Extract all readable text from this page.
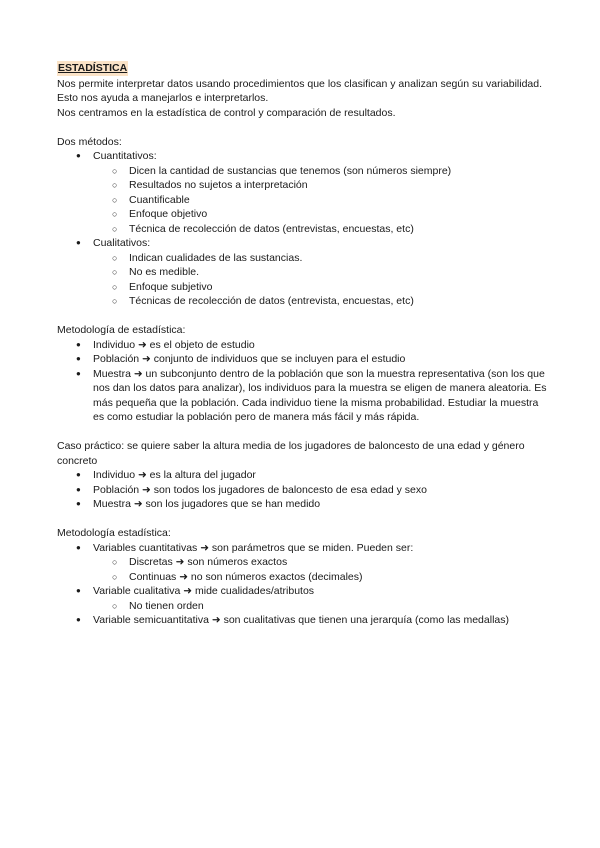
ESTADÍSTICA

Nos permite interpretar datos usando procedimientos que los clasifican y analizan según su variabilidad. Esto nos ayuda a manejarlos e interpretarlos.

Nos centramos en la estadística de control y comparación de resultados.

Dos métodos:

● Cuantitativos:
○ Dicen la cantidad de sustancias que tenemos (son números siempre)
○ Resultados no sujetos a interpretación
○ Cuantificable
○ Enfoque objetivo
○ Técnica de recolección de datos (entrevistas, encuestas, etc)
● Cualitativos:
○ Indican cualidades de las sustancias.
○ No es medible.
○ Enfoque subjetivo
○ Técnicas de recolección de datos (entrevista, encuestas, etc)

Metodología de estadística:

● Individuo ➜ es el objeto de estudio
● Población ➜ conjunto de individuos que se incluyen para el estudio
● Muestra ➜ un subconjunto dentro de la población que son la muestra representativa (son los que nos dan los datos para analizar), los individuos para la muestra se eligen de manera aleatoria. Es más pequeña que la población. Cada individuo tiene la misma probabilidad. Estudiar la muestra es como estudiar la población pero de manera más fácil y más rápida.

Caso práctico: se quiere saber la altura media de los jugadores de baloncesto de una edad y género concreto

● Individuo ➜ es la altura del jugador
● Población ➜ son todos los jugadores de baloncesto de esa edad y sexo
● Muestra ➜ son los jugadores que se han medido

Metodología estadística:

● Variables cuantitativas ➜ son parámetros que se miden. Pueden ser:
○ Discretas ➜ son números exactos
○ Continuas ➜ no son números exactos (decimales)
● Variable cualitativa ➜ mide cualidades/atributos
○ No tienen orden
● Variable semicuantitativa ➜ son cualitativas que tienen una jerarquía (como las medallas)
